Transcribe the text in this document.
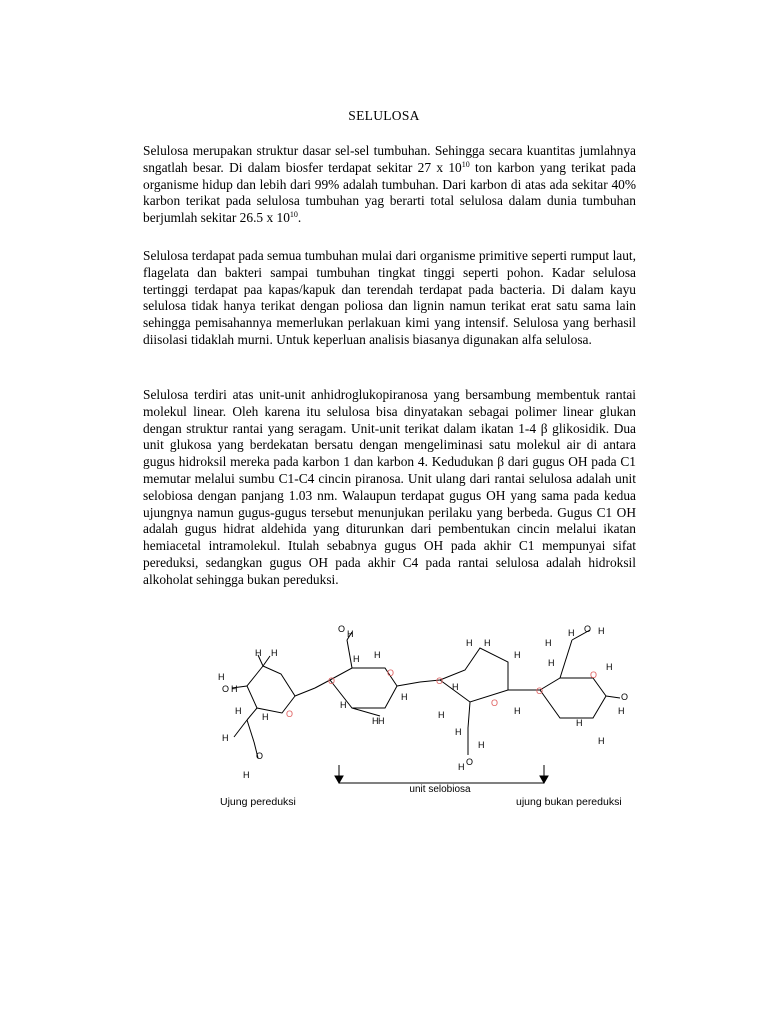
SELULOSA

Selulosa merupakan struktur dasar sel-sel tumbuhan. Sehingga secara kuantitas jumlahnya sngatlah besar. Di dalam biosfer terdapat sekitar 27 x $10^{10}$ ton karbon yang terikat pada organisme hidup dan lebih dari 99% adalah tumbuhan. Dari karbon di atas ada sekitar 40% karbon terikat pada selulosa tumbuhan yag berarti total selulosa dalam dunia tumbuhan berjumlah sekitar 26.5 x $10^{10}$.

Selulosa terdapat pada semua tumbuhan mulai dari organisme primitive seperti rumput laut, flagelata dan bakteri sampai tumbuhan tingkat tinggi seperti pohon. Kadar selulosa tertinggi terdapat paa kapas/kapuk dan terendah terdapat pada bacteria. Di dalam kayu selulosa tidak hanya terikat dengan poliosa dan lignin namun terikat erat satu sama lain sehingga pemisahannya memerlukan perlakuan kimi yang intensif. Selulosa yang berhasil diisolasi tidaklah murni. Untuk keperluan analisis biasanya digunakan alfa selulosa.

Selulosa terdiri atas unit-unit anhidroglukopiranosa yang bersambung membentuk rantai molekul linear. Oleh karena itu selulosa bisa dinyatakan sebagai polimer linear glukan dengan struktur rantai yang seragam. Unit-unit terikat dalam ikatan 1-4 β glikosidik. Dua unit glukosa yang berdekatan bersatu dengan mengeliminasi satu molekul air di antara gugus hidroksil mereka pada karbon 1 dan karbon 4. Kedudukan β dari gugus OH pada C1 memutar melalui sumbu C1-C4 cincin piranosa. Unit ulang dari rantai selulosa adalah unit selobiosa dengan panjang 1.03 nm. Walaupun terdapat gugus OH yang sama pada kedua ujungnya namun gugus-gugus tersebut menunjukan perilaku yang berbeda. Gugus C1 OH adalah gugus hidrat aldehida yang diturunkan dari pembentukan cincin melalui ikatan hemiacetal intramolekul. Itulah sebabnya gugus OH pada akhir C1 mempunyai sifat pereduksi, sedangkan gugus OH pada akhir C4 pada rantai selulosa adalah hidroksil alkoholat sehingga bukan pereduksi.

O
O
O
O
O	O
O
H H
H
O H
H
H
H
O
H
O H
H H
H
H H
H
H H
H
H
H
H
H
H
O
H
H
H O H
H	H
O
H
H
H
unit selobiosa
Ujung pereduksi	ujung bukan pereduksi
